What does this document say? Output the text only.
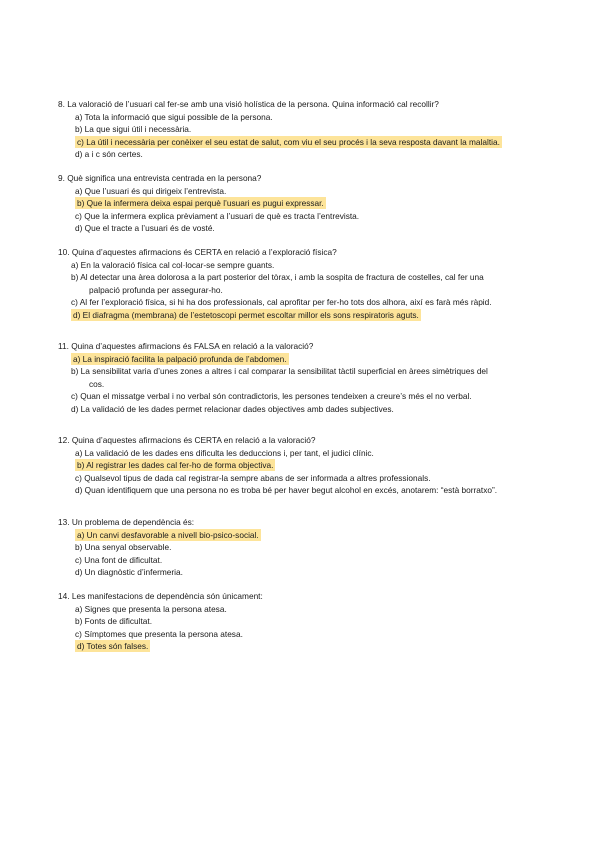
8. La valoració de l’usuari cal fer-se amb una visió holística de la persona. Quina informació cal recollir?

a) Tota la informació que sigui possible de la persona.

b) La que sigui útil i necessària.

c) La útil i necessària per conèixer el seu estat de salut, com viu el seu procés i la seva resposta davant la malaltia.

d) a i c són certes.

9. Què significa una entrevista centrada en la persona?

a) Que l’usuari és qui dirigeix l’entrevista.

b) Que la infermera deixa espai perquè l’usuari es pugui expressar.

c) Que la infermera explica prèviament a l’usuari de què es tracta l’entrevista.

d) Que el tracte a l’usuari és de vosté.

10. Quina d’aquestes afirmacions és CERTA en relació a l’exploració física?

a) En la valoració física cal col·locar-se sempre guants.

b) Al detectar una àrea dolorosa a la part posterior del tòrax, i amb la sospita de fractura de costelles, cal fer una
palpació profunda per assegurar-ho.

c) Al fer l’exploració física, si hi ha dos professionals, cal aprofitar per fer-ho tots dos alhora, així es farà més ràpid.

d) El diafragma (membrana) de l’estetoscopi permet escoltar millor els sons respiratoris aguts.

11. Quina d’aquestes afirmacions és FALSA en relació a la valoració?

a) La inspiració facilita la palpació profunda de l’abdomen.

b) La sensibilitat varia d’unes zones a altres i cal comparar la sensibilitat tàctil superficial en àrees simètriques del
cos.

c) Quan el missatge verbal i no verbal són contradictoris, les persones tendeixen a creure’s més el no verbal.

d) La validació de les dades permet relacionar dades objectives amb dades subjectives.

12. Quina d’aquestes afirmacions és CERTA en relació a la valoració?

a) La validació de les dades ens dificulta les deduccions i, per tant, el judici clínic.

b) Al registrar les dades cal fer-ho de forma objectiva.

c) Qualsevol tipus de dada cal registrar-la sempre abans de ser informada a altres professionals.

d) Quan identifiquem que una persona no es troba bé per haver begut alcohol en excés, anotarem: “està borratxo”.

13. Un problema de dependència és:

a) Un canvi desfavorable a nivell bio-psico-social.

b) Una senyal observable.

c) Una font de dificultat.

d) Un diagnòstic d’infermeria.

14. Les manifestacions de dependència són únicament:

a) Signes que presenta la persona atesa.

b) Fonts de dificultat.

c) Símptomes que presenta la persona atesa.

d) Totes són falses.
